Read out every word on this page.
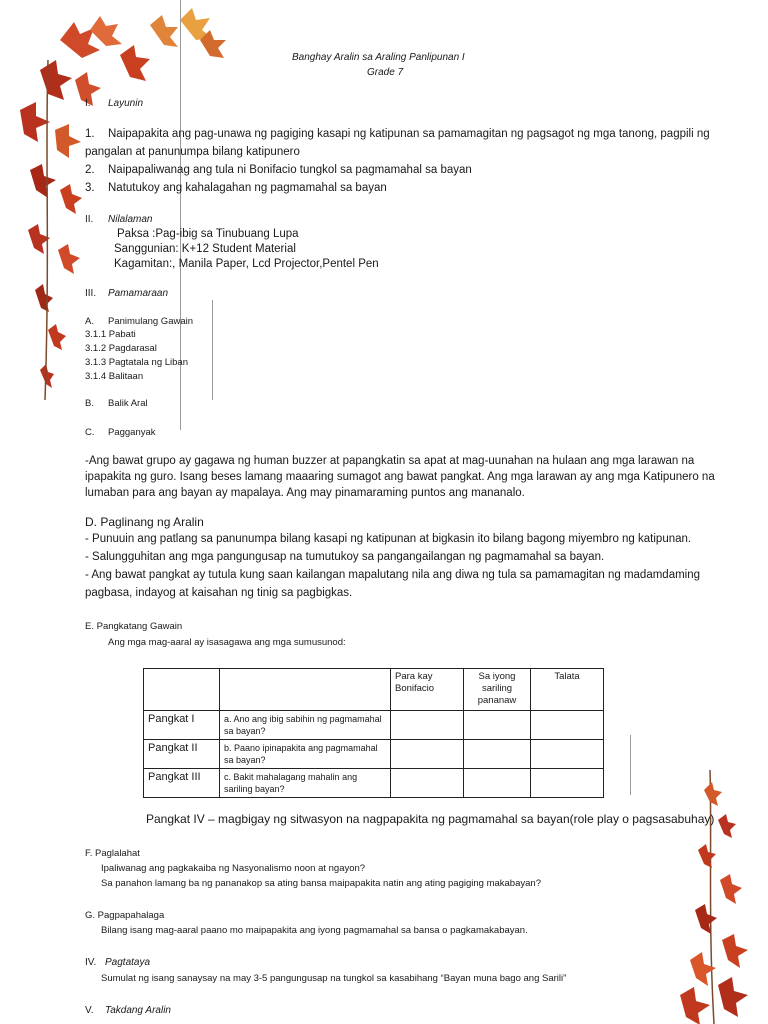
Banghay Aralin sa Araling Panlipunan I
Grade 7
I. Layunin
1. Naipapakita ang pag-unawa ng pagiging kasapi ng katipunan sa pamamagitan ng pagsagot ng mga tanong, pagpili ng
pangalan at panunumpa bilang katipunero
2. Naipapaliwanag ang tula ni Bonifacio tungkol sa pagmamahal sa bayan
3. Natutukoy ang kahalagahan ng pagmamahal sa bayan
II. Nilalaman
Paksa :Pag-ibig sa Tinubuang Lupa
Sanggunian: K+12 Student Material
Kagamitan:, Manila Paper, Lcd Projector,Pentel Pen
III. Pamamaraan
A. Panimulang Gawain
3.1.1 Pabati
3.1.2 Pagdarasal
3.1.3 Pagtatala ng Liban
3.1.4 Balitaan
B. Balik Aral
C. Pagganyak
-Ang bawat grupo ay gagawa ng human buzzer at papangkatin sa apat at mag-uunahan na hulaan ang mga larawan na
ipapakita ng guro. Isang beses lamang maaaring sumagot ang bawat pangkat. Ang mga larawan ay ang mga Katipunero na
lumaban para ang bayan ay mapalaya. Ang may pinamaraming puntos ang mananalo.
D. Paglinang ng Aralin
- Punuuin ang patlang sa panunumpa bilang kasapi ng katipunan at bigkasin ito bilang bagong miyembro ng katipunan.
- Salungguhitan ang mga pangungusap na tumutukoy sa pangangailangan ng pagmamahal sa bayan.
- Ang bawat pangkat ay tutula kung saan kailangan mapalutang nila ang diwa ng tula sa pamamagitan ng madamdaming
pagbasa, indayog at kaisahan ng tinig sa pagbigkas.
E. Pangkatang Gawain
Ang mga mag-aaral ay isasagawa ang mga sumusunod:
		Para kay Bonifacio	Sa iyong sariling pananaw	Talata
Pangkat I	a. Ano ang ibig sabihin ng pagmamahal sa bayan?			
Pangkat II	b. Paano ipinapakita ang pagmamahal sa bayan?			
Pangkat III	c. Bakit mahalagang mahalin ang sariling bayan?			
Pangkat IV – magbigay ng sitwasyon na nagpapakita ng pagmamahal sa bayan(role play o pagsasabuhay)
F. Paglalahat
Ipaliwanag ang pagkakaiba ng Nasyonalismo noon at ngayon?
Sa panahon lamang ba ng pananakop sa ating bansa maipapakita natin ang ating pagiging makabayan?
G. Pagpapahalaga
Bilang isang mag-aaral paano mo maipapakita ang iyong pagmamahal sa bansa o pagkamakabayan.
IV. Pagtataya
Sumulat ng isang sanaysay na may 3-5 pangungusap na tungkol sa kasabihang “Bayan muna bago ang Sarili”
V. Takdang Aralin
